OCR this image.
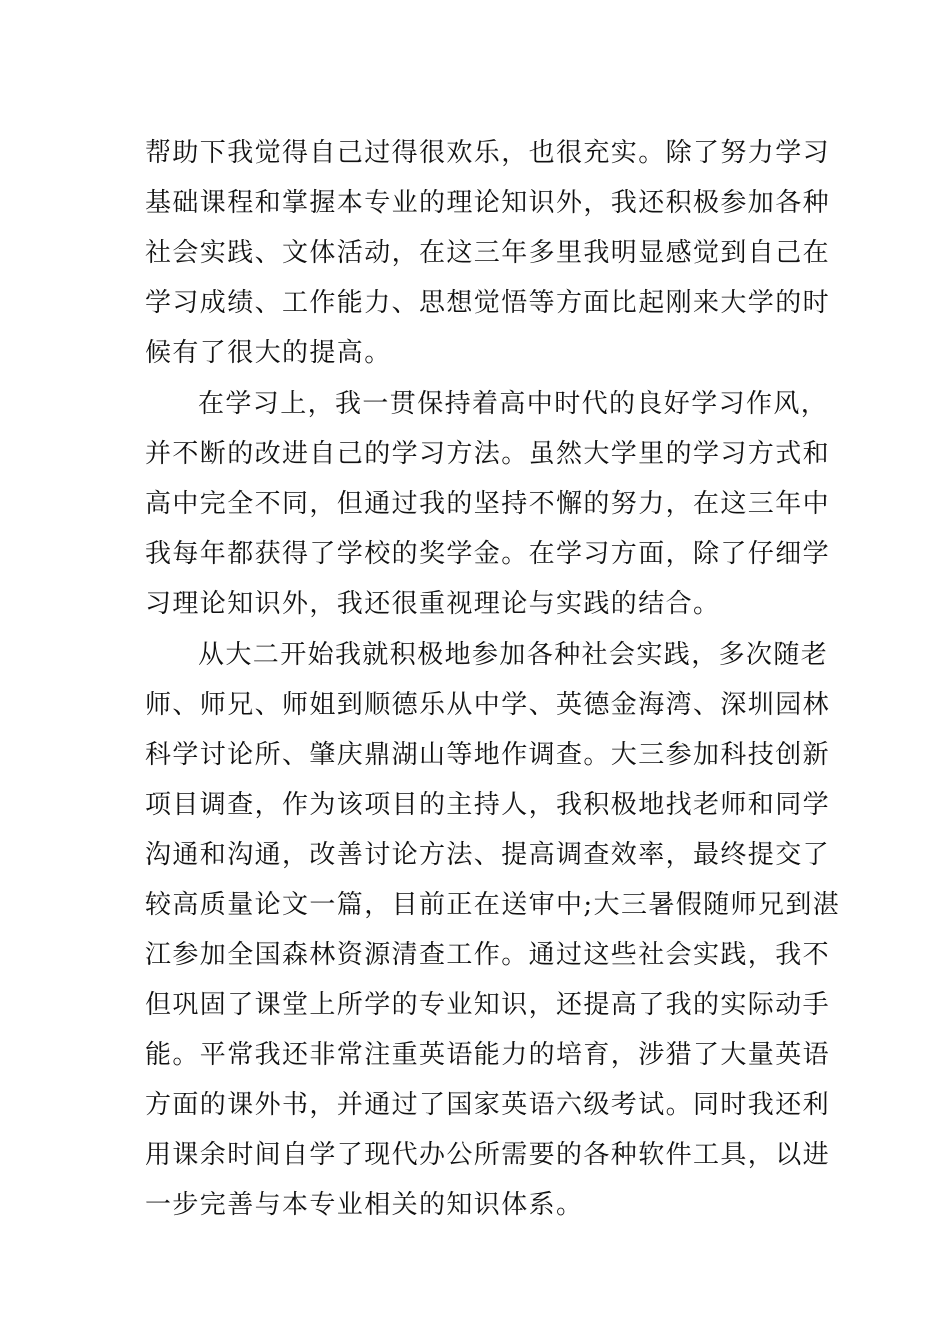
帮助下我觉得自己过得很欢乐，也很充实。除了努力学习
基础课程和掌握本专业的理论知识外，我还积极参加各种
社会实践、文体活动，在这三年多里我明显感觉到自己在
学习成绩、工作能力、思想觉悟等方面比起刚来大学的时
候有了很大的提高。
在学习上，我一贯保持着高中时代的良好学习作风，
并不断的改进自己的学习方法。虽然大学里的学习方式和
高中完全不同，但通过我的坚持不懈的努力，在这三年中
我每年都获得了学校的奖学金。在学习方面，除了仔细学
习理论知识外，我还很重视理论与实践的结合。
从大二开始我就积极地参加各种社会实践，多次随老
师、师兄、师姐到顺德乐从中学、英德金海湾、深圳园林
科学讨论所、肇庆鼎湖山等地作调查。大三参加科技创新
项目调查，作为该项目的主持人，我积极地找老师和同学
沟通和沟通，改善讨论方法、提高调查效率，最终提交了
较高质量论文一篇，目前正在送审中;大三暑假随师兄到湛
江参加全国森林资源清查工作。通过这些社会实践，我不
但巩固了课堂上所学的专业知识，还提高了我的实际动手
能。平常我还非常注重英语能力的培育，涉猎了大量英语
方面的课外书，并通过了国家英语六级考试。同时我还利
用课余时间自学了现代办公所需要的各种软件工具，以进
一步完善与本专业相关的知识体系。
